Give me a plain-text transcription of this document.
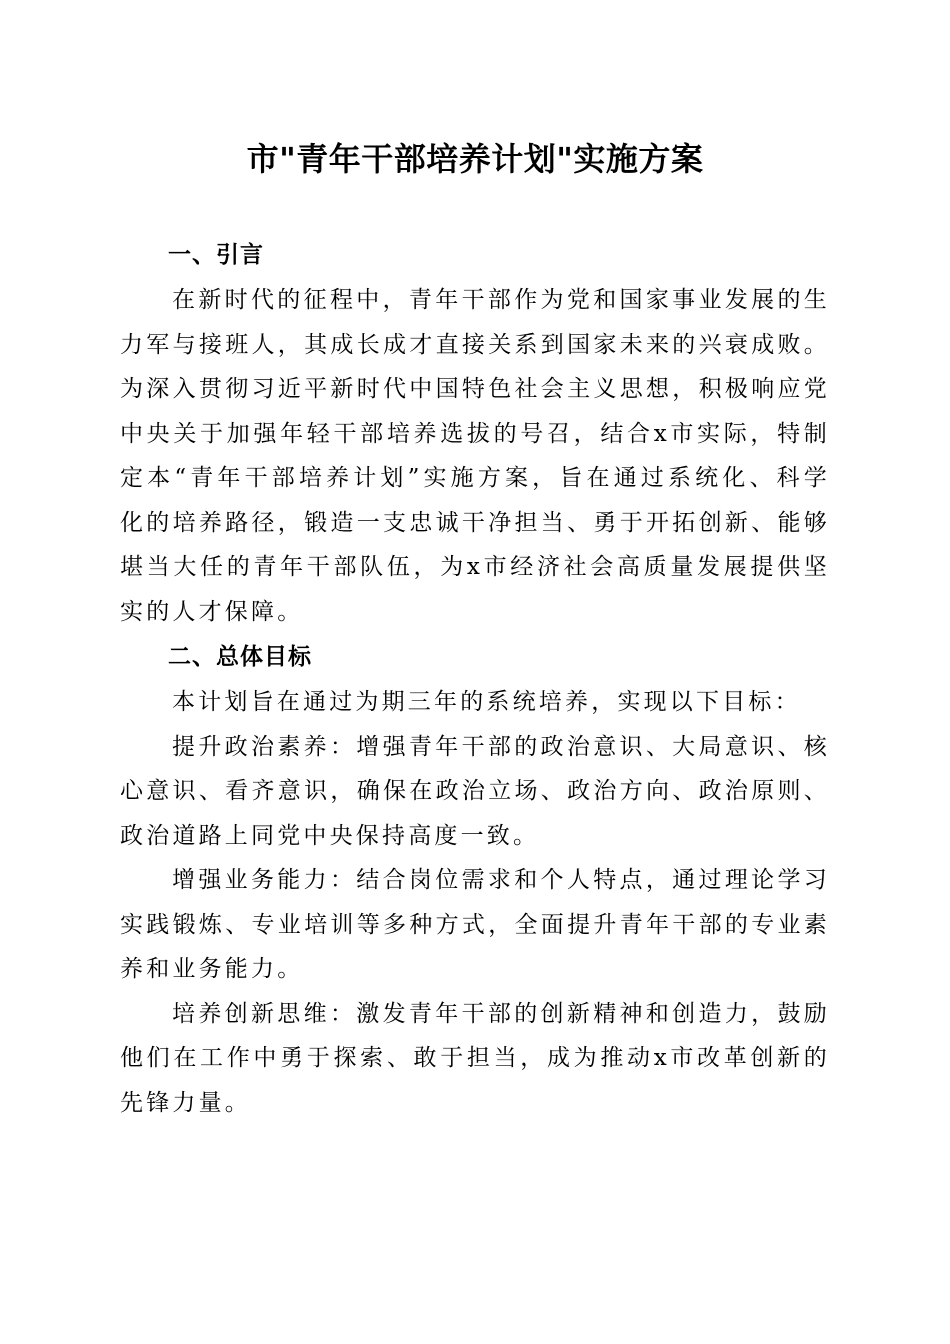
市"青年干部培养计划"实施方案
一、引言

在新时代的征程中，青年干部作为党和国家事业发展的生力军与接班人，其成长成才直接关系到国家未来的兴衰成败。为深入贯彻习近平新时代中国特色社会主义思想，积极响应党中央关于加强年轻干部培养选拔的号召，结合x市实际，特制定本“青年干部培养计划”实施方案，旨在通过系统化、科学化的培养路径，锻造一支忠诚干净担当、勇于开拓创新、能够堪当大任的青年干部队伍，为x市经济社会高质量发展提供坚实的人才保障。

二、总体目标

本计划旨在通过为期三年的系统培养，实现以下目标：

提升政治素养：增强青年干部的政治意识、大局意识、核心意识、看齐意识，确保在政治立场、政治方向、政治原则、政治道路上同党中央保持高度一致。

增强业务能力：结合岗位需求和个人特点，通过理论学习实践锻炼、专业培训等多种方式，全面提升青年干部的专业素养和业务能力。

培养创新思维：激发青年干部的创新精神和创造力，鼓励他们在工作中勇于探索、敢于担当，成为推动x市改革创新的先锋力量。
